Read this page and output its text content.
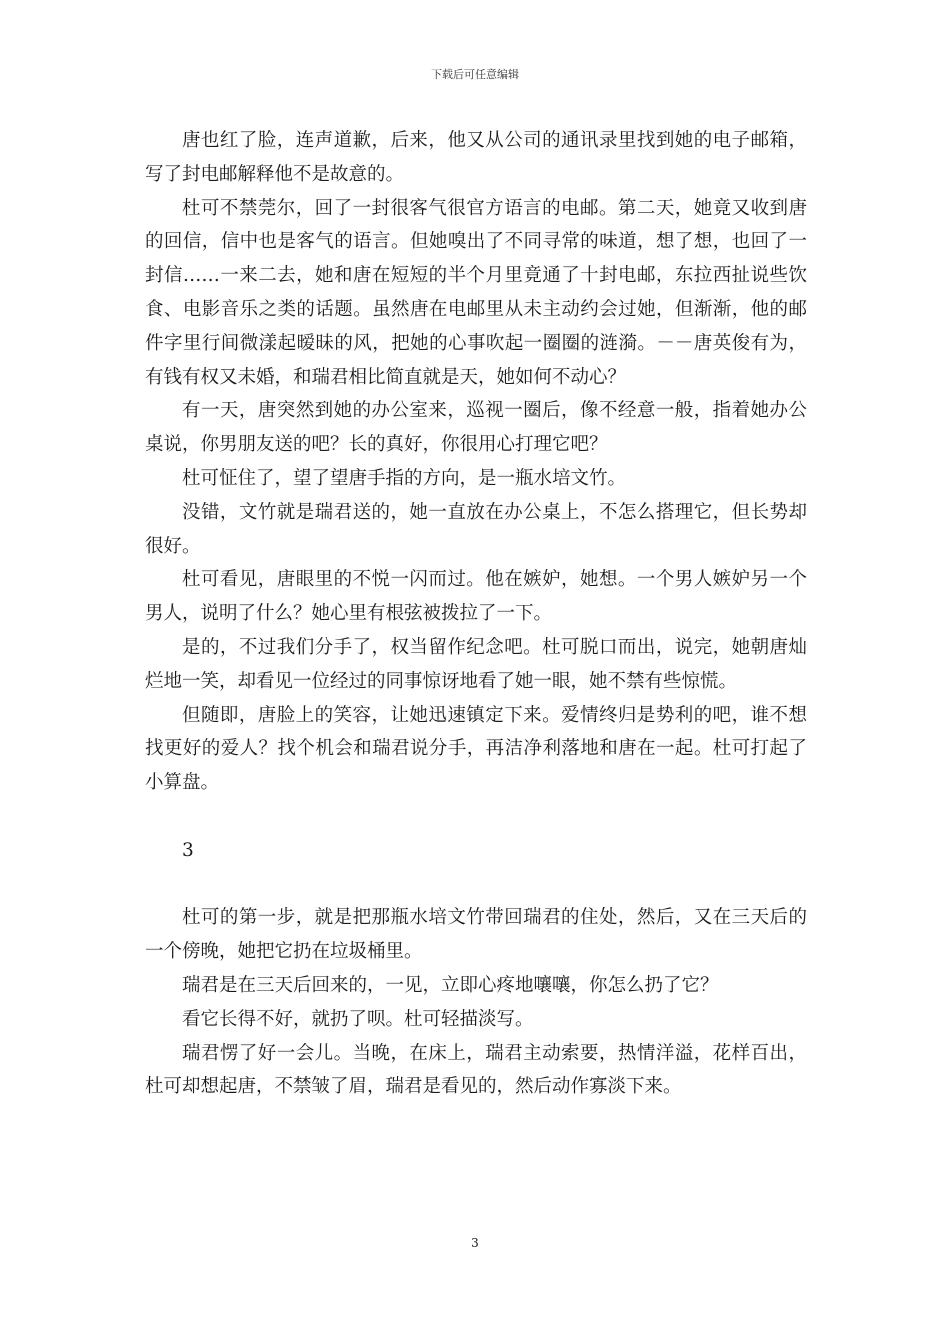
下载后可任意编辑

唐也红了脸，连声道歉，后来，他又从公司的通讯录里找到她的电子邮箱，写了封电邮解释他不是故意的。

杜可不禁莞尔，回了一封很客气很官方语言的电邮。第二天，她竟又收到唐的回信，信中也是客气的语言。但她嗅出了不同寻常的味道，想了想，也回了一封信……一来二去，她和唐在短短的半个月里竟通了十封电邮，东拉西扯说些饮食、电影音乐之类的话题。虽然唐在电邮里从未主动约会过她，但渐渐，他的邮件字里行间微漾起暧昧的风，把她的心事吹起一圈圈的涟漪。－－唐英俊有为，有钱有权又未婚，和瑞君相比简直就是天，她如何不动心？

有一天，唐突然到她的办公室来，巡视一圈后，像不经意一般，指着她办公桌说，你男朋友送的吧？长的真好，你很用心打理它吧？

杜可怔住了，望了望唐手指的方向，是一瓶水培文竹。

没错，文竹就是瑞君送的，她一直放在办公桌上，不怎么搭理它，但长势却很好。

杜可看见，唐眼里的不悦一闪而过。他在嫉妒，她想。一个男人嫉妒另一个男人，说明了什么？她心里有根弦被拨拉了一下。

是的，不过我们分手了，权当留作纪念吧。杜可脱口而出，说完，她朝唐灿烂地一笑，却看见一位经过的同事惊讶地看了她一眼，她不禁有些惊慌。

但随即，唐脸上的笑容，让她迅速镇定下来。爱情终归是势利的吧，谁不想找更好的爱人？找个机会和瑞君说分手，再洁净利落地和唐在一起。杜可打起了小算盘。

3

杜可的第一步，就是把那瓶水培文竹带回瑞君的住处，然后，又在三天后的一个傍晚，她把它扔在垃圾桶里。

瑞君是在三天后回来的，一见，立即心疼地嚷嚷，你怎么扔了它？

看它长得不好，就扔了呗。杜可轻描淡写。

瑞君愣了好一会儿。当晚，在床上，瑞君主动索要，热情洋溢，花样百出，杜可却想起唐，不禁皱了眉，瑞君是看见的，然后动作寡淡下来。

3
